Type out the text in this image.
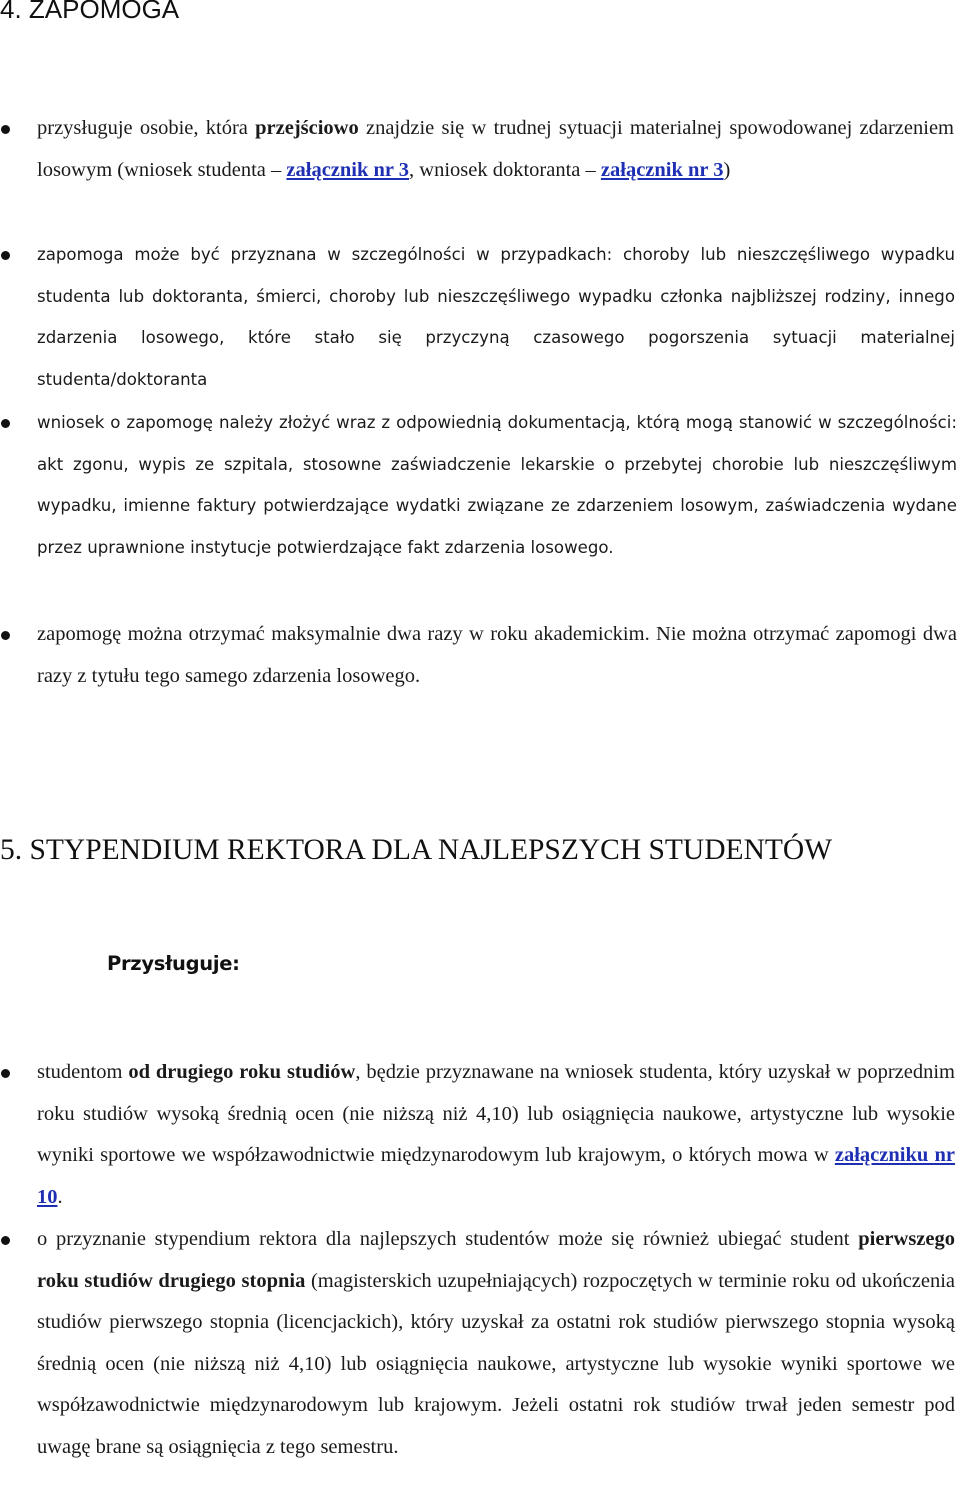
4. ZAPOMOGA
przysługuje osobie, która przejściowo znajdzie się w trudnej sytuacji materialnej spowodowanej zdarzeniem losowym (wniosek studenta – załącznik nr 3, wniosek doktoranta – załącznik nr 3)
zapomoga może być przyznana w szczególności w przypadkach: choroby lub nieszczęśliwego wypadku studenta lub doktoranta, śmierci, choroby lub nieszczęśliwego wypadku członka najbliższej rodziny, innego zdarzenia losowego, które stało się przyczyną czasowego pogorszenia sytuacji materialnej studenta/doktoranta
wniosek o zapomogę należy złożyć wraz z odpowiednią dokumentacją, którą mogą stanowić w szczególności: akt zgonu, wypis ze szpitala, stosowne zaświadczenie lekarskie o przebytej chorobie lub nieszczęśliwym wypadku, imienne faktury potwierdzające wydatki związane ze zdarzeniem losowym, zaświadczenia wydane przez uprawnione instytucje potwierdzające fakt zdarzenia losowego.
zapomogę można otrzymać maksymalnie dwa razy w roku akademickim. Nie można otrzymać zapomogi dwa razy z tytułu tego samego zdarzenia losowego.
5. STYPENDIUM REKTORA DLA NAJLEPSZYCH STUDENTÓW
Przysługuje:
studentom od drugiego roku studiów, będzie przyznawane na wniosek studenta, który uzyskał w poprzednim roku studiów wysoką średnią ocen (nie niższą niż 4,10) lub osiągnięcia naukowe, artystyczne lub wysokie wyniki sportowe we współzawodnictwie międzynarodowym lub krajowym, o których mowa w załączniku nr 10.
o przyznanie stypendium rektora dla najlepszych studentów może się również ubiegać student pierwszego roku studiów drugiego stopnia (magisterskich uzupełniających) rozpoczętych w terminie roku od ukończenia studiów pierwszego stopnia (licencjackich), który uzyskał za ostatni rok studiów pierwszego stopnia wysoką średnią ocen (nie niższą niż 4,10) lub osiągnięcia naukowe, artystyczne lub wysokie wyniki sportowe we współzawodnictwie międzynarodowym lub krajowym. Jeżeli ostatni rok studiów trwał jeden semestr pod uwagę brane są osiągnięcia z tego semestru.
